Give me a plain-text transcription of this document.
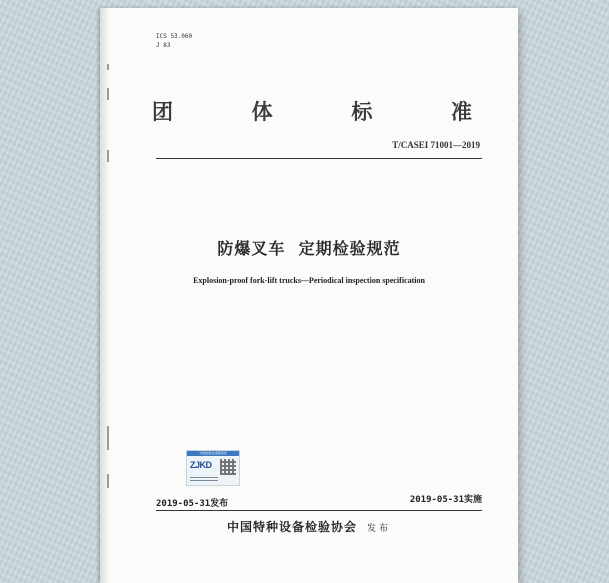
ICS 53.060
J 83
团	体	标	准
T/CASEI 71001—2019
防爆叉车  定期检验规范
Explosion-proof fork-lift trucks—Periodical inspection specification
中国标准在线服务网
ZJKD
2019-05-31发布	2019-05-31实施
中国特种设备检验协会 发布
